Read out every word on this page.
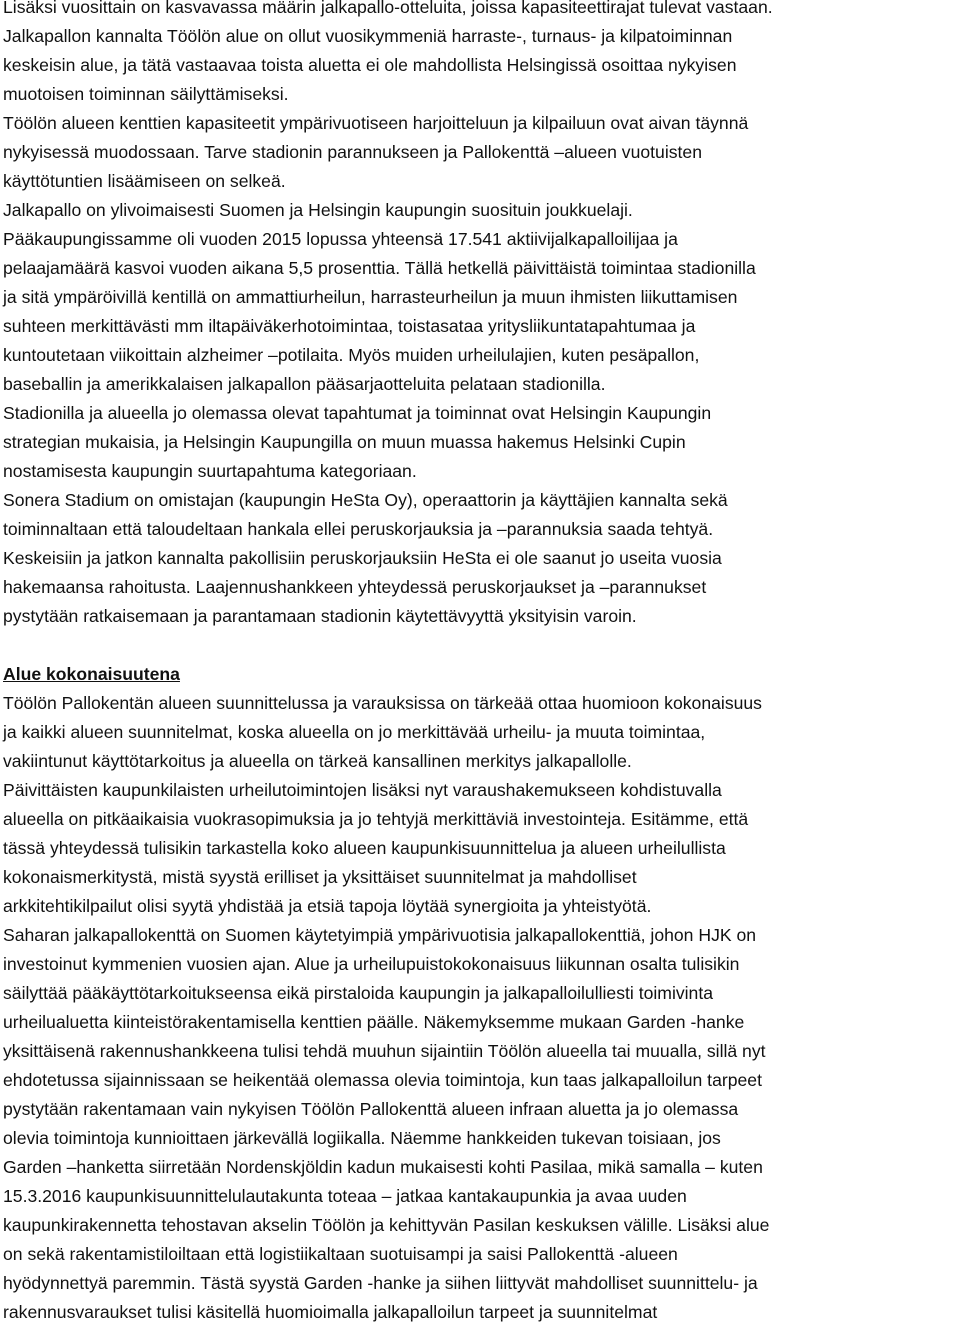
Lisäksi vuosittain on kasvavassa määrin jalkapallo-otteluita, joissa kapasiteettirajat tulevat vastaan.
Jalkapallon kannalta Töölön alue on ollut vuosikymmeniä harraste-, turnaus- ja kilpatoiminnan
keskeisin alue, ja tätä vastaavaa toista aluetta ei ole mahdollista Helsingissä osoittaa nykyisen
muotoisen toiminnan säilyttämiseksi.
Töölön alueen kenttien kapasiteetit ympärivuotiseen harjoitteluun ja kilpailuun ovat aivan täynnä
nykyisessä muodossaan. Tarve stadionin parannukseen ja Pallokenttä –alueen vuotuisten
käyttötuntien lisäämiseen on selkeä.
Jalkapallo on ylivoimaisesti Suomen ja Helsingin kaupungin suosituin joukkuelaji.
Pääkaupungissamme oli vuoden 2015 lopussa yhteensä 17.541 aktiivijalkapalloilijaa ja
pelaajamäärä kasvoi vuoden aikana 5,5 prosenttia. Tällä hetkellä päivittäistä toimintaa stadionilla
ja sitä ympäröivillä kentillä on ammattiurheilun, harrasteurheilun ja muun ihmisten liikuttamisen
suhteen merkittävästi mm iltapäiväkerhotoimintaa, toistasataa yritysliikuntatapahtumaa ja
kuntoutetaan viikoittain alzheimer –potilaita. Myös muiden urheilulajien, kuten pesäpallon,
baseballin ja amerikkalaisen jalkapallon pääsarjaotteluita pelataan stadionilla.
Stadionilla ja alueella jo olemassa olevat tapahtumat ja toiminnat ovat Helsingin Kaupungin
strategian mukaisia, ja Helsingin Kaupungilla on muun muassa hakemus Helsinki Cupin
nostamisesta kaupungin suurtapahtuma kategoriaan.
Sonera Stadium on omistajan (kaupungin HeSta Oy), operaattorin ja käyttäjien kannalta sekä
toiminnaltaan että taloudeltaan hankala ellei peruskorjauksia ja –parannuksia saada tehtyä.
Keskeisiin ja jatkon kannalta pakollisiin peruskorjauksiin HeSta ei ole saanut jo useita vuosia
hakemaansa rahoitusta. Laajennushankkeen yhteydessä peruskorjaukset ja –parannukset
pystytään ratkaisemaan ja parantamaan stadionin käytettävyyttä yksityisin varoin.
Alue kokonaisuutena
Töölön Pallokentän alueen suunnittelussa ja varauksissa on tärkeää ottaa huomioon kokonaisuus
ja kaikki alueen suunnitelmat, koska alueella on jo merkittävää urheilu- ja muuta toimintaa,
vakiintunut käyttötarkoitus ja alueella on tärkeä kansallinen merkitys jalkapallolle.
Päivittäisten kaupunkilaisten urheilutoimintojen lisäksi nyt varaushakemukseen kohdistuvalla
alueella on pitkäaikaisia vuokrasopimuksia ja jo tehtyjä merkittäviä investointeja. Esitämme, että
tässä yhteydessä tulisikin tarkastella koko alueen kaupunkisuunnittelua ja alueen urheilullista
kokonaismerkitystä, mistä syystä erilliset ja yksittäiset suunnitelmat ja mahdolliset
arkkitehtikilpailut olisi syytä yhdistää ja etsiä tapoja löytää synergioita ja yhteistyötä.
Saharan jalkapallokenttä on Suomen käytetyimpiä ympärivuotisia jalkapallokenttiä, johon HJK on
investoinut kymmenien vuosien ajan. Alue ja urheilupuistokokonaisuus liikunnan osalta tulisikin
säilyttää pääkäyttötarkoitukseensa eikä pirstaloida kaupungin ja jalkapalloilulliesti toimivinta
urheilualuetta kiinteistörakentamisella kenttien päälle. Näkemyksemme mukaan Garden -hanke
yksittäisenä rakennushankkeena tulisi tehdä muuhun sijaintiin Töölön alueella tai muualla, sillä nyt
ehdotetussa sijainnissaan se heikentää olemassa olevia toimintoja, kun taas jalkapalloilun tarpeet
pystytään rakentamaan vain nykyisen Töölön Pallokenttä alueen infraan aluetta ja jo olemassa
olevia toimintoja kunnioittaen järkevällä logiikalla. Näemme hankkeiden tukevan toisiaan, jos
Garden –hanketta siirretään Nordenskjöldin kadun mukaisesti kohti Pasilaa, mikä samalla – kuten
15.3.2016 kaupunkisuunnittelulautakunta toteaa – jatkaa kantakaupunkia ja avaa uuden
kaupunkirakennetta tehostavan akselin Töölön ja kehittyvän Pasilan keskuksen välille. Lisäksi alue
on sekä rakentamistiloiltaan että logistiikaltaan suotuisampi ja saisi Pallokenttä -alueen
hyödynnettyä paremmin. Tästä syystä Garden -hanke ja siihen liittyvät mahdolliset suunnittelu- ja
rakennusvaraukset tulisi käsitellä huomioimalla jalkapalloilun tarpeet ja suunnitelmat
